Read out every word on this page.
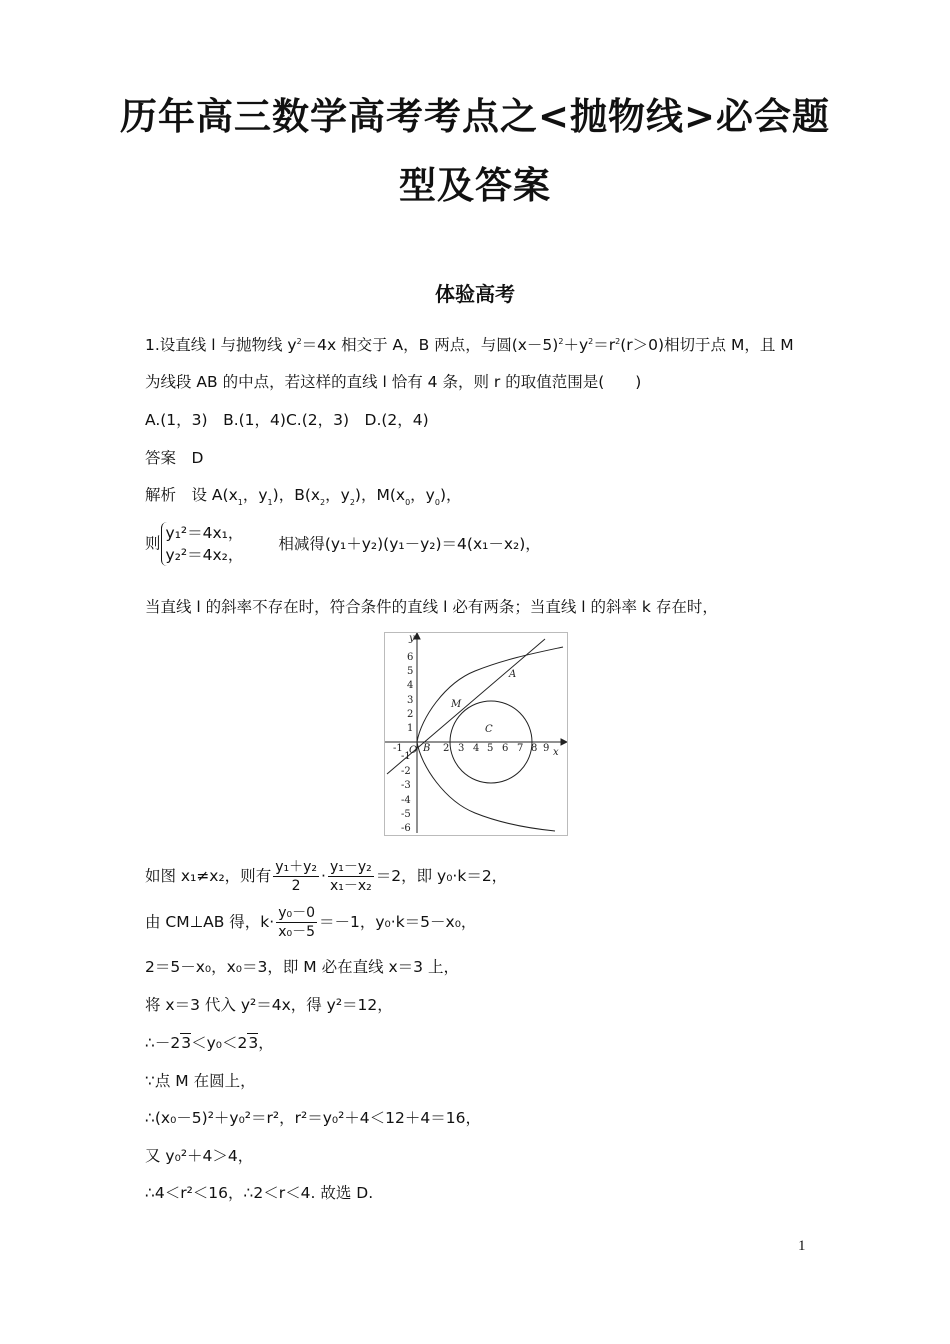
历年高三数学高考考点之<抛物线>必会题
型及答案
体验高考
1.设直线 l 与抛物线 $y^2=4x$ 相交于 A，B 两点，与圆$(x-5)^2+y^2=r^2(r>0)$相切于点 M，且 M
为线段 AB 的中点，若这样的直线 l 恰有 4 条，则 r 的取值范围是(　　)
A.(1，3)　B.(1，4)C.(2，3)　D.(2，4)
答案　D
解析　设 $A(x_1$，$y_1$)，$B(x_2$，$y_2$)，$M(x_0$，$y_0$)，
则
y₁²＝4x₁，
y₂²＝4x₂，
相减得(y₁＋y₂)(y₁－y₂)＝4(x₁－x₂)，
当直线 l 的斜率不存在时，符合条件的直线 l 必有两条；当直线 l 的斜率 k 存在时，
y
x
O
A
M
B
C
-1	2 3 4 5 6 7 8 9
6
5
4
3
2
1
-1
-2
-3
-4
-5
-6
如图 x₁≠x₂，则有 $\frac{\text{y₁＋y₂}}{2} \cdot \frac{\text{y₁－y₂}}{\text{x₁－x₂}} =2$，即 y₀·k＝2，
由 CM⊥AB 得，$k\cdot \frac{\text{y₀－0}}{\text{x₀－5}} =-1$，y₀·k＝5－x₀，
2＝5－x₀，x₀＝3，即 M 必在直线 x＝3 上，
将 x＝3 代入 y²＝4x，得 y²＝12，
∴－23＜y₀＜23，
∵点 M 在圆上，
∴(x₀－5)²＋y₀²＝r²，r²＝y₀²＋4＜12＋4＝16，
又 y₀²＋4＞4，
∴4＜r²＜16，∴2＜r＜4. 故选 D.
1
